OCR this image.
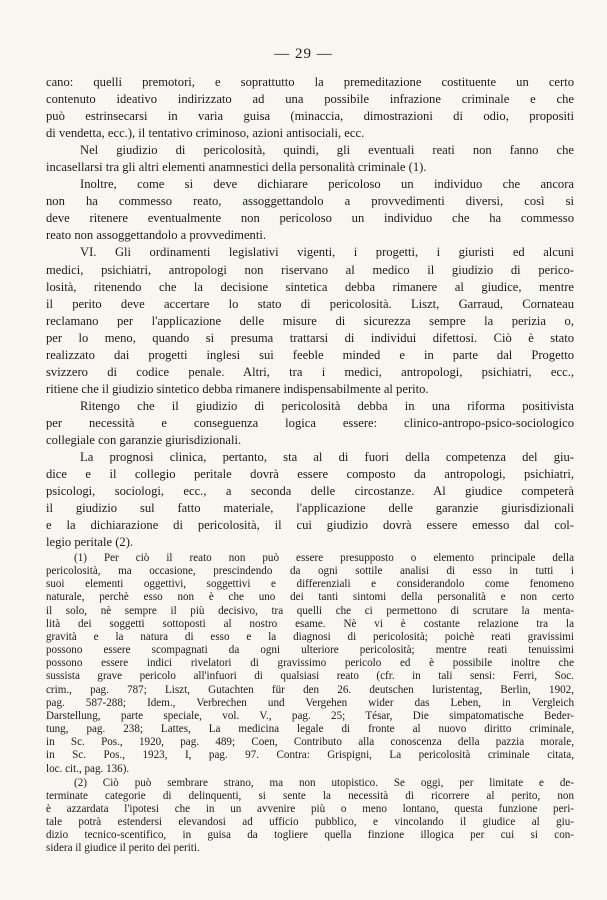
— 29 —

cano: quelli premotori, e soprattutto la premeditazione costituente un certo
contenuto ideativo indirizzato ad una possibile infrazione criminale e che
può estrinsecarsi in varia guisa (minaccia, dimostrazioni di odio, propositi
di vendetta, ecc.), il tentativo criminoso, azioni antisociali, ecc.

Nel giudizio di pericolosità, quindi, gli eventuali reati non fanno che
incasellarsi tra gli altri elementi anamnestici della personalità criminale (1).

Inoltre, come si deve dichiarare pericoloso un individuo che ancora
non ha commesso reato, assoggettandolo a provvedimenti diversi, così si
deve ritenere eventualmente non pericoloso un individuo che ha commesso
reato non assoggettandolo a provvedimenti.

VI. Gli ordinamenti legislativi vigenti, i progetti, i giuristi ed alcuni
medici, psichiatri, antropologi non riservano al medico il giudizio di perico-
losità, ritenendo che la decisione sintetica debba rimanere al giudice, mentre
il perito deve accertare lo stato di pericolosità. Liszt, Garraud, Cornateau
reclamano per l'applicazione delle misure di sicurezza sempre la perizia o,
per lo meno, quando si presuma trattarsi di individui difettosi. Ciò è stato
realizzato dai progetti inglesi sui feeble minded e in parte dal Progetto
svizzero di codice penale. Altri, tra i medici, antropologi, psichiatri, ecc.,
ritiene che il giudizio sintetico debba rimanere indispensabilmente al perito.

Ritengo che il giudizio di pericolosità debba in una riforma positivista
per necessità e conseguenza logica essere: clinico-antropo-psico-sociologico
collegiale con garanzie giurisdizionali.

La prognosi clinica, pertanto, sta al di fuori della competenza del giu-
dice e il collegio peritale dovrà essere composto da antropologi, psichiatri,
psicologi, sociologi, ecc., a seconda delle circostanze. Al giudice competerà
il giudizio sul fatto materiale, l'applicazione delle garanzie giurisdizionali
e la dichiarazione di pericolosità, il cui giudizio dovrà essere emesso dal col-
legio peritale (2).

(1) Per ciò il reato non può essere presupposto o elemento principale della
pericolosità, ma occasione, prescindendo da ogni sottile analisi di esso in tutti i
suoi elementi oggettivi, soggettivi e differenziali e considerandolo come fenomeno
naturale, perchè esso non è che uno dei tanti sintomi della personalità e non certo
il solo, nè sempre il più decisivo, tra quelli che ci permettono di scrutare la menta-
lità dei soggetti sottoposti al nostro esame. Nè vi è costante relazione tra la
gravità e la natura di esso e la diagnosi di pericolosità; poichè reati gravissimi
possono essere scompagnati da ogni ulteriore pericolosità; mentre reati tenuissimi
possono essere indici rivelatori di gravissimo pericolo ed è possibile inoltre che
sussista grave pericolo all'infuori di qualsiasi reato (cfr. in tali sensi: Ferri, Soc.
crim., pag. 787; Liszt, Gutachten für den 26. deutschen Iuristentag, Berlin, 1902,
pag. 587-288; Idem., Verbrechen und Vergehen wider das Leben, in Vergleich
Darstellung, parte speciale, vol. V., pag. 25; Tésar, Die simpatomatische Beder-
tung, pag. 238; Lattes, La medicina legale di fronte al nuovo diritto criminale,
in Sc. Pos., 1920, pag. 489; Coen, Contributo alla conoscenza della pazzia morale,
in Sc. Pos., 1923, I, pag. 97. Contra: Grispigni, La pericolosità criminale citata,
loc. cit., pag. 136).
(2) Ciò può sembrare strano, ma non utopistico. Se oggi, per limitate e de-
terminate categorie di delinquenti, si sente la necessità di ricorrere al perito, non
è azzardata l'ipotesi che in un avvenire più o meno lontano, questa funzione peri-
tale potrà estendersi elevandosi ad ufficio pubblico, e vincolando il giudice al giu-
dizio tecnico-scentifico, in guisa da togliere quella finzione illogica per cui si con-
sidera il giudice il perito dei periti.
